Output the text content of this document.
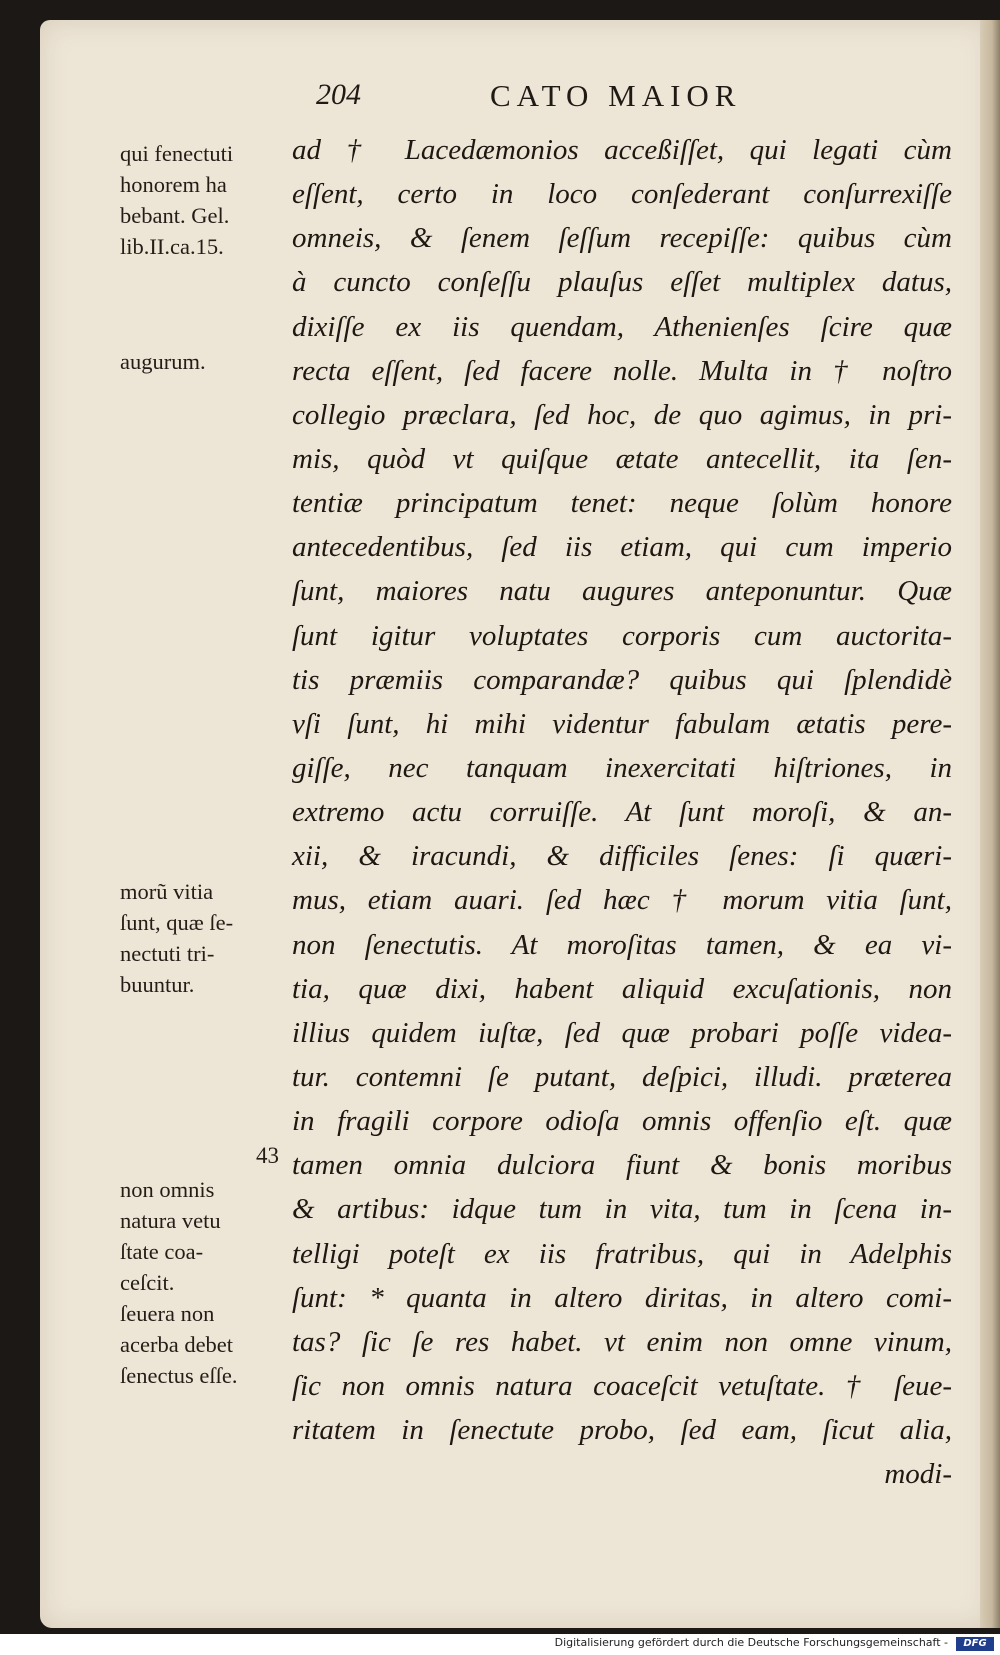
204	CATO MAIOR
qui fenectuti
honorem ha
bebant. Gel.
lib.II.ca.15.
augurum.
morũ vitia
ſunt, quæ ſe-
nectuti tri-
buuntur.
non omnis
natura vetu
ſtate coa-
ceſcit.
ſeuera non
acerba debet
ſenectus eſſe.
43
ad † Lacedæmonios acceßiſſet, qui legati cùm
eſſent, certo in loco conſederant conſurrexiſſe
omneis, & ſenem ſeſſum recepiſſe: quibus cùm
à cuncto conſeſſu plauſus eſſet multiplex datus,
dixiſſe ex iis quendam, Athenienſes ſcire quæ
recta eſſent, ſed facere nolle. Multa in † noſtro
collegio præclara, ſed hoc, de quo agimus, in pri-
mis, quòd vt quiſque ætate antecellit, ita ſen-
tentiæ principatum tenet: neque ſolùm honore
antecedentibus, ſed iis etiam, qui cum imperio
ſunt, maiores natu augures anteponuntur. Quæ
ſunt igitur voluptates corporis cum auctorita-
tis præmiis comparandæ? quibus qui ſplendidè
vſi ſunt, hi mihi videntur fabulam ætatis pere-
giſſe, nec tanquam inexercitati hiſtriones, in
extremo actu corruiſſe. At ſunt moroſi, & an-
xii, & iracundi, & difficiles ſenes: ſi quæri-
mus, etiam auari. ſed hæc † morum vitia ſunt,
non ſenectutis. At moroſitas tamen, & ea vi-
tia, quæ dixi, habent aliquid excuſationis, non
illius quidem iuſtæ, ſed quæ probari poſſe videa-
tur. contemni ſe putant, deſpici, illudi. præterea
in fragili corpore odioſa omnis offenſio eſt. quæ
tamen omnia dulciora fiunt & bonis moribus
& artibus: idque tum in vita, tum in ſcena in-
telligi poteſt ex iis fratribus, qui in Adelphis
ſunt: * quanta in altero diritas, in altero comi-
tas? ſic ſe res habet. vt enim non omne vinum,
ſic non omnis natura coaceſcit vetuſtate. † ſeue-
ritatem in ſenectute probo, ſed eam, ſicut alia,
modi-
Digitalisierung gefördert durch die Deutsche Forschungsgemeinschaft -	DFG
